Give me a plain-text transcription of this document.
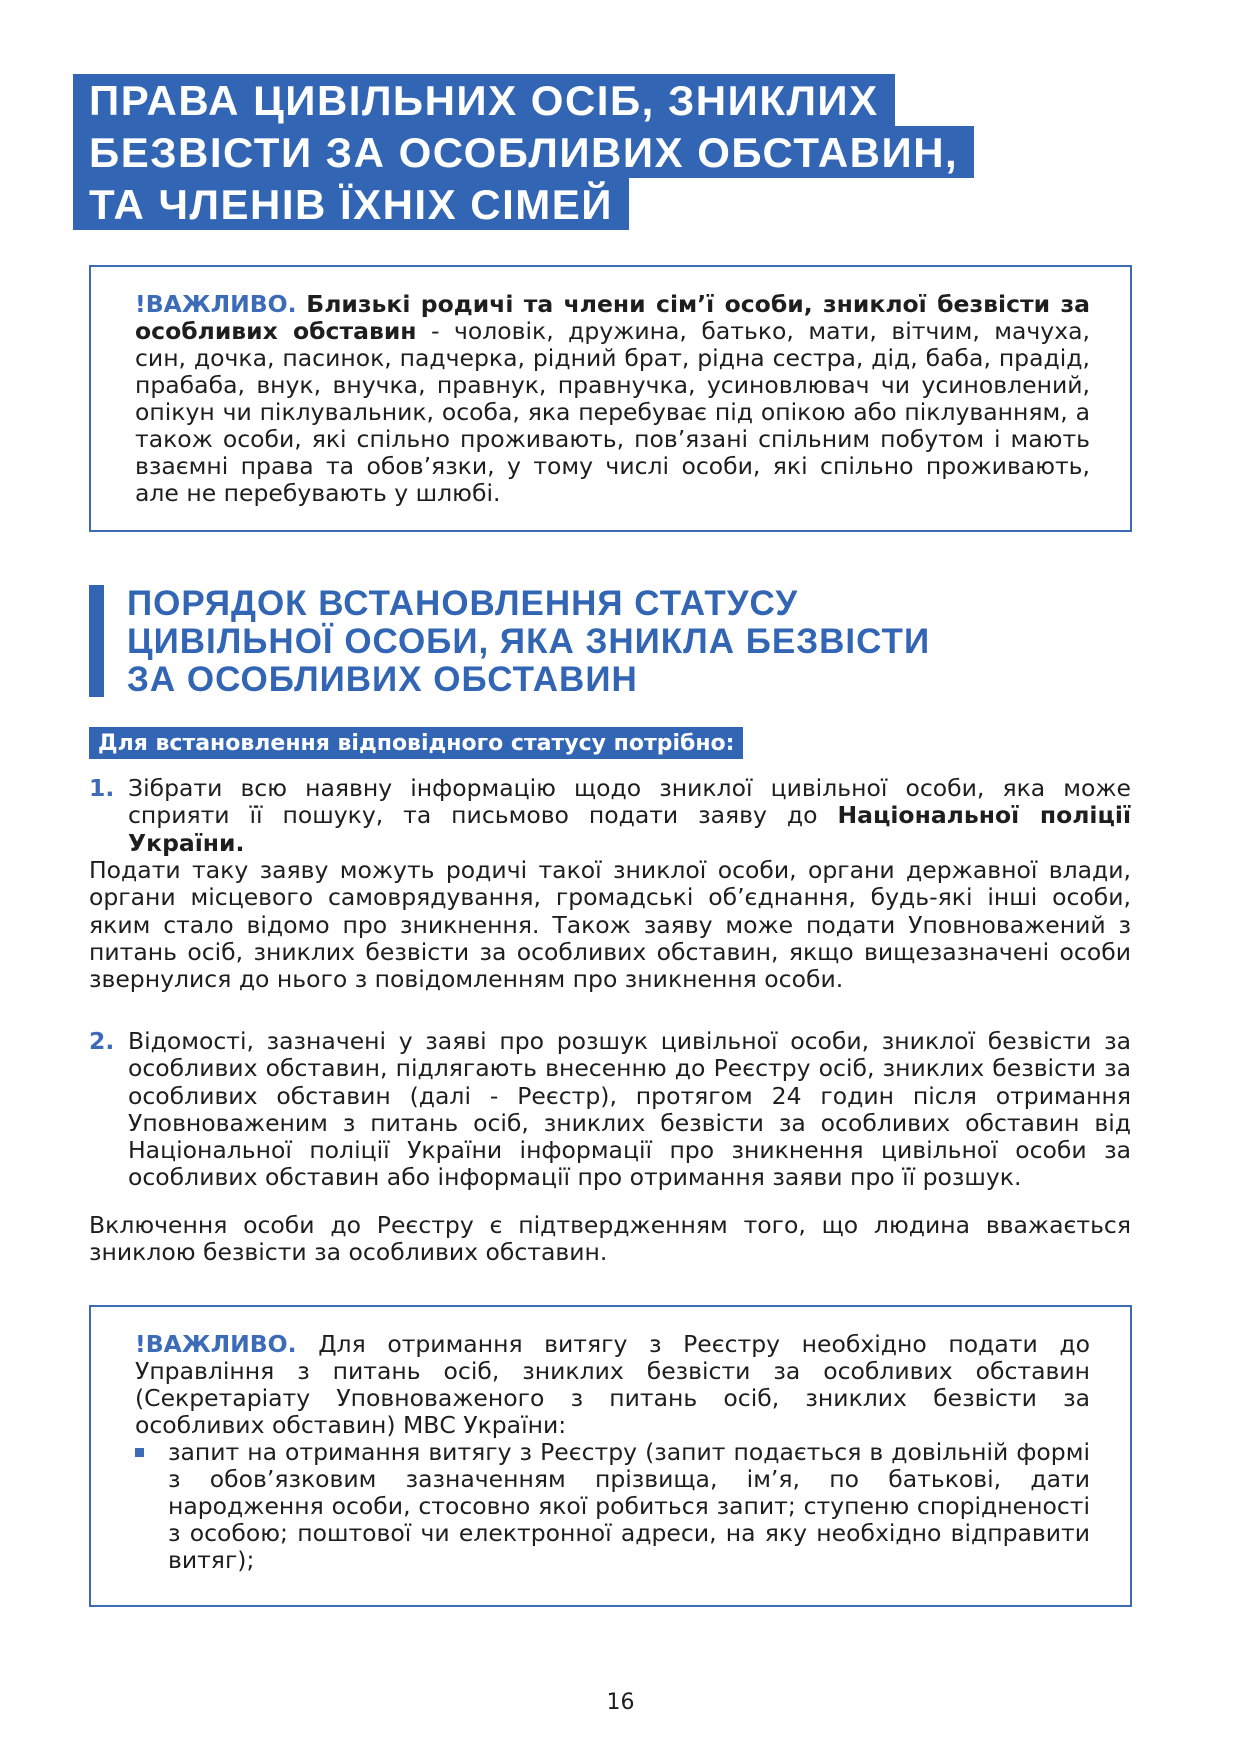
ПРАВА ЦИВІЛЬНИХ ОСІБ, ЗНИКЛИХ
БЕЗВІСТИ ЗА ОСОБЛИВИХ ОБСТАВИН,
ТА ЧЛЕНІВ ЇХНІХ СІМЕЙ

!ВАЖЛИВО. Близькі родичі та члени сім’ї особи, зниклої безвісти за особливих обставин - чоловік, дружина, батько, мати, вітчим, мачуха, син, дочка, пасинок, падчерка, рідний брат, рідна сестра, дід, баба, прадід, прабаба, внук, внучка, правнук, правнучка, усиновлювач чи усиновлений, опікун чи піклувальник, особа, яка перебуває під опікою або піклуванням, а також особи, які спільно проживають, пов’язані спільним побутом і мають взаємні права та обов’язки, у тому числі особи, які спільно проживають, але не перебувають у шлюбі.

ПОРЯДОК ВСТАНОВЛЕННЯ СТАТУСУ
ЦИВІЛЬНОЇ ОСОБИ, ЯКА ЗНИКЛА БЕЗВІСТИ
ЗА ОСОБЛИВИХ ОБСТАВИН
Для встановлення відповідного статусу потрібно:
1. Зібрати всю наявну інформацію щодо зниклої цивільної особи, яка може сприяти її пошуку, та письмово подати заяву до Національної поліції України.

Подати таку заяву можуть родичі такої зниклої особи, органи державної влади, органи місцевого самоврядування, громадські об’єднання, будь-які інші особи, яким стало відомо про зникнення. Також заяву може подати Уповноважений з питань осіб, зниклих безвісти за особливих обставин, якщо вищезазначені особи звернулися до нього з повідомленням про зникнення особи.

2. Відомості, зазначені у заяві про розшук цивільної особи, зниклої безвісти за особливих обставин, підлягають внесенню до Реєстру осіб, зниклих безвісти за особливих обставин (далі - Реєстр), протягом 24 годин після отримання Уповноваженим з питань осіб, зниклих безвісти за особливих обставин від Національної поліції України інформації про зникнення цивільної особи за особливих обставин або інформації про отримання заяви про її розшук.

Включення особи до Реєстру є підтвердженням того, що людина вважається зниклою безвісти за особливих обставин.

!ВАЖЛИВО. Для отримання витягу з Реєстру необхідно подати до Управління з питань осіб, зниклих безвісти за особливих обставин (Секретаріату Уповноваженого з питань осіб, зниклих безвісти за особливих обставин) МВС України:

запит на отримання витягу з Реєстру (запит подається в довільній формі з обов’язковим зазначенням прізвища, ім’я, по батькові, дати народження особи, стосовно якої робиться запит; ступеню спорідненості з особою; поштової чи електронної адреси, на яку необхідно відправити витяг);
16
